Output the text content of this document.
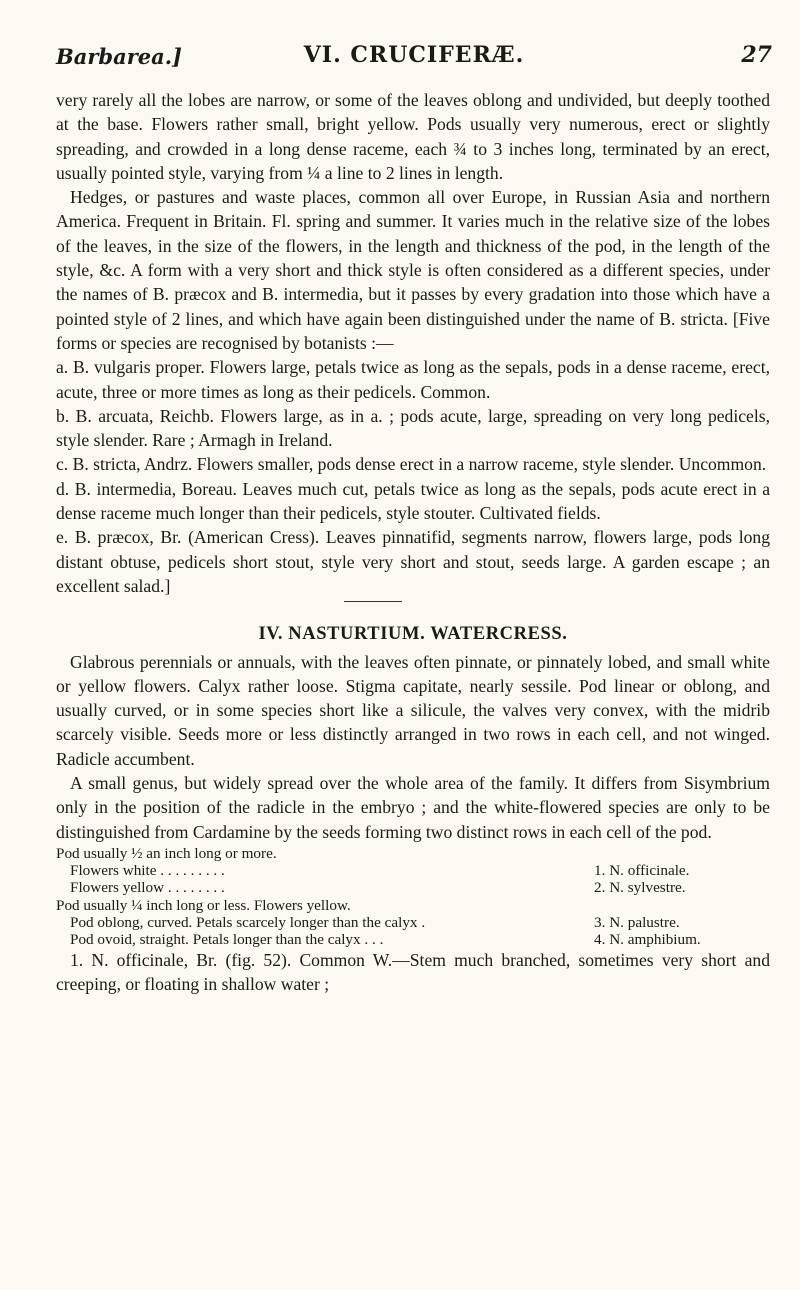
Barbarea.]	VI. CRUCIFERÆ.	27

very rarely all the lobes are narrow, or some of the leaves oblong and undivided, but deeply toothed at the base. Flowers rather small, bright yellow. Pods usually very numerous, erect or slightly spreading, and crowded in a long dense raceme, each ¾ to 3 inches long, terminated by an erect, usually pointed style, varying from ¼ a line to 2 lines in length.

Hedges, or pastures and waste places, common all over Europe, in Russian Asia and northern America. Frequent in Britain. Fl. spring and summer. It varies much in the relative size of the lobes of the leaves, in the size of the flowers, in the length and thickness of the pod, in the length of the style, &c. A form with a very short and thick style is often considered as a different species, under the names of B. præcox and B. intermedia, but it passes by every gradation into those which have a pointed style of 2 lines, and which have again been distinguished under the name of B. stricta. [Five forms or species are recognised by botanists :—

a. B. vulgaris proper. Flowers large, petals twice as long as the sepals, pods in a dense raceme, erect, acute, three or more times as long as their pedicels. Common.

b. B. arcuata, Reichb. Flowers large, as in a. ; pods acute, large, spreading on very long pedicels, style slender. Rare ; Armagh in Ireland.

c. B. stricta, Andrz. Flowers smaller, pods dense erect in a narrow raceme, style slender. Uncommon.

d. B. intermedia, Boreau. Leaves much cut, petals twice as long as the sepals, pods acute erect in a dense raceme much longer than their pedicels, style stouter. Cultivated fields.

e. B. præcox, Br. (American Cress). Leaves pinnatifid, segments narrow, flowers large, pods long distant obtuse, pedicels short stout, style very short and stout, seeds large. A garden escape ; an excellent salad.]

IV. NASTURTIUM. WATERCRESS.

Glabrous perennials or annuals, with the leaves often pinnate, or pinnately lobed, and small white or yellow flowers. Calyx rather loose. Stigma capitate, nearly sessile. Pod linear or oblong, and usually curved, or in some species short like a silicule, the valves very convex, with the midrib scarcely visible. Seeds more or less distinctly arranged in two rows in each cell, and not winged. Radicle accumbent.

A small genus, but widely spread over the whole area of the family. It differs from Sisymbrium only in the position of the radicle in the embryo ; and the white-flowered species are only to be distinguished from Cardamine by the seeds forming two distinct rows in each cell of the pod.

Pod usually ½ an inch long or more.
Flowers white . . . . . . . . .	1. N. officinale.
Flowers yellow . . . . . . . .	2. N. sylvestre.
Pod usually ¼ inch long or less. Flowers yellow.
Pod oblong, curved. Petals scarcely longer than the calyx .	3. N. palustre.
Pod ovoid, straight. Petals longer than the calyx . . .	4. N. amphibium.

1. N. officinale, Br. (fig. 52). Common W.—Stem much branched, sometimes very short and creeping, or floating in shallow water ;
